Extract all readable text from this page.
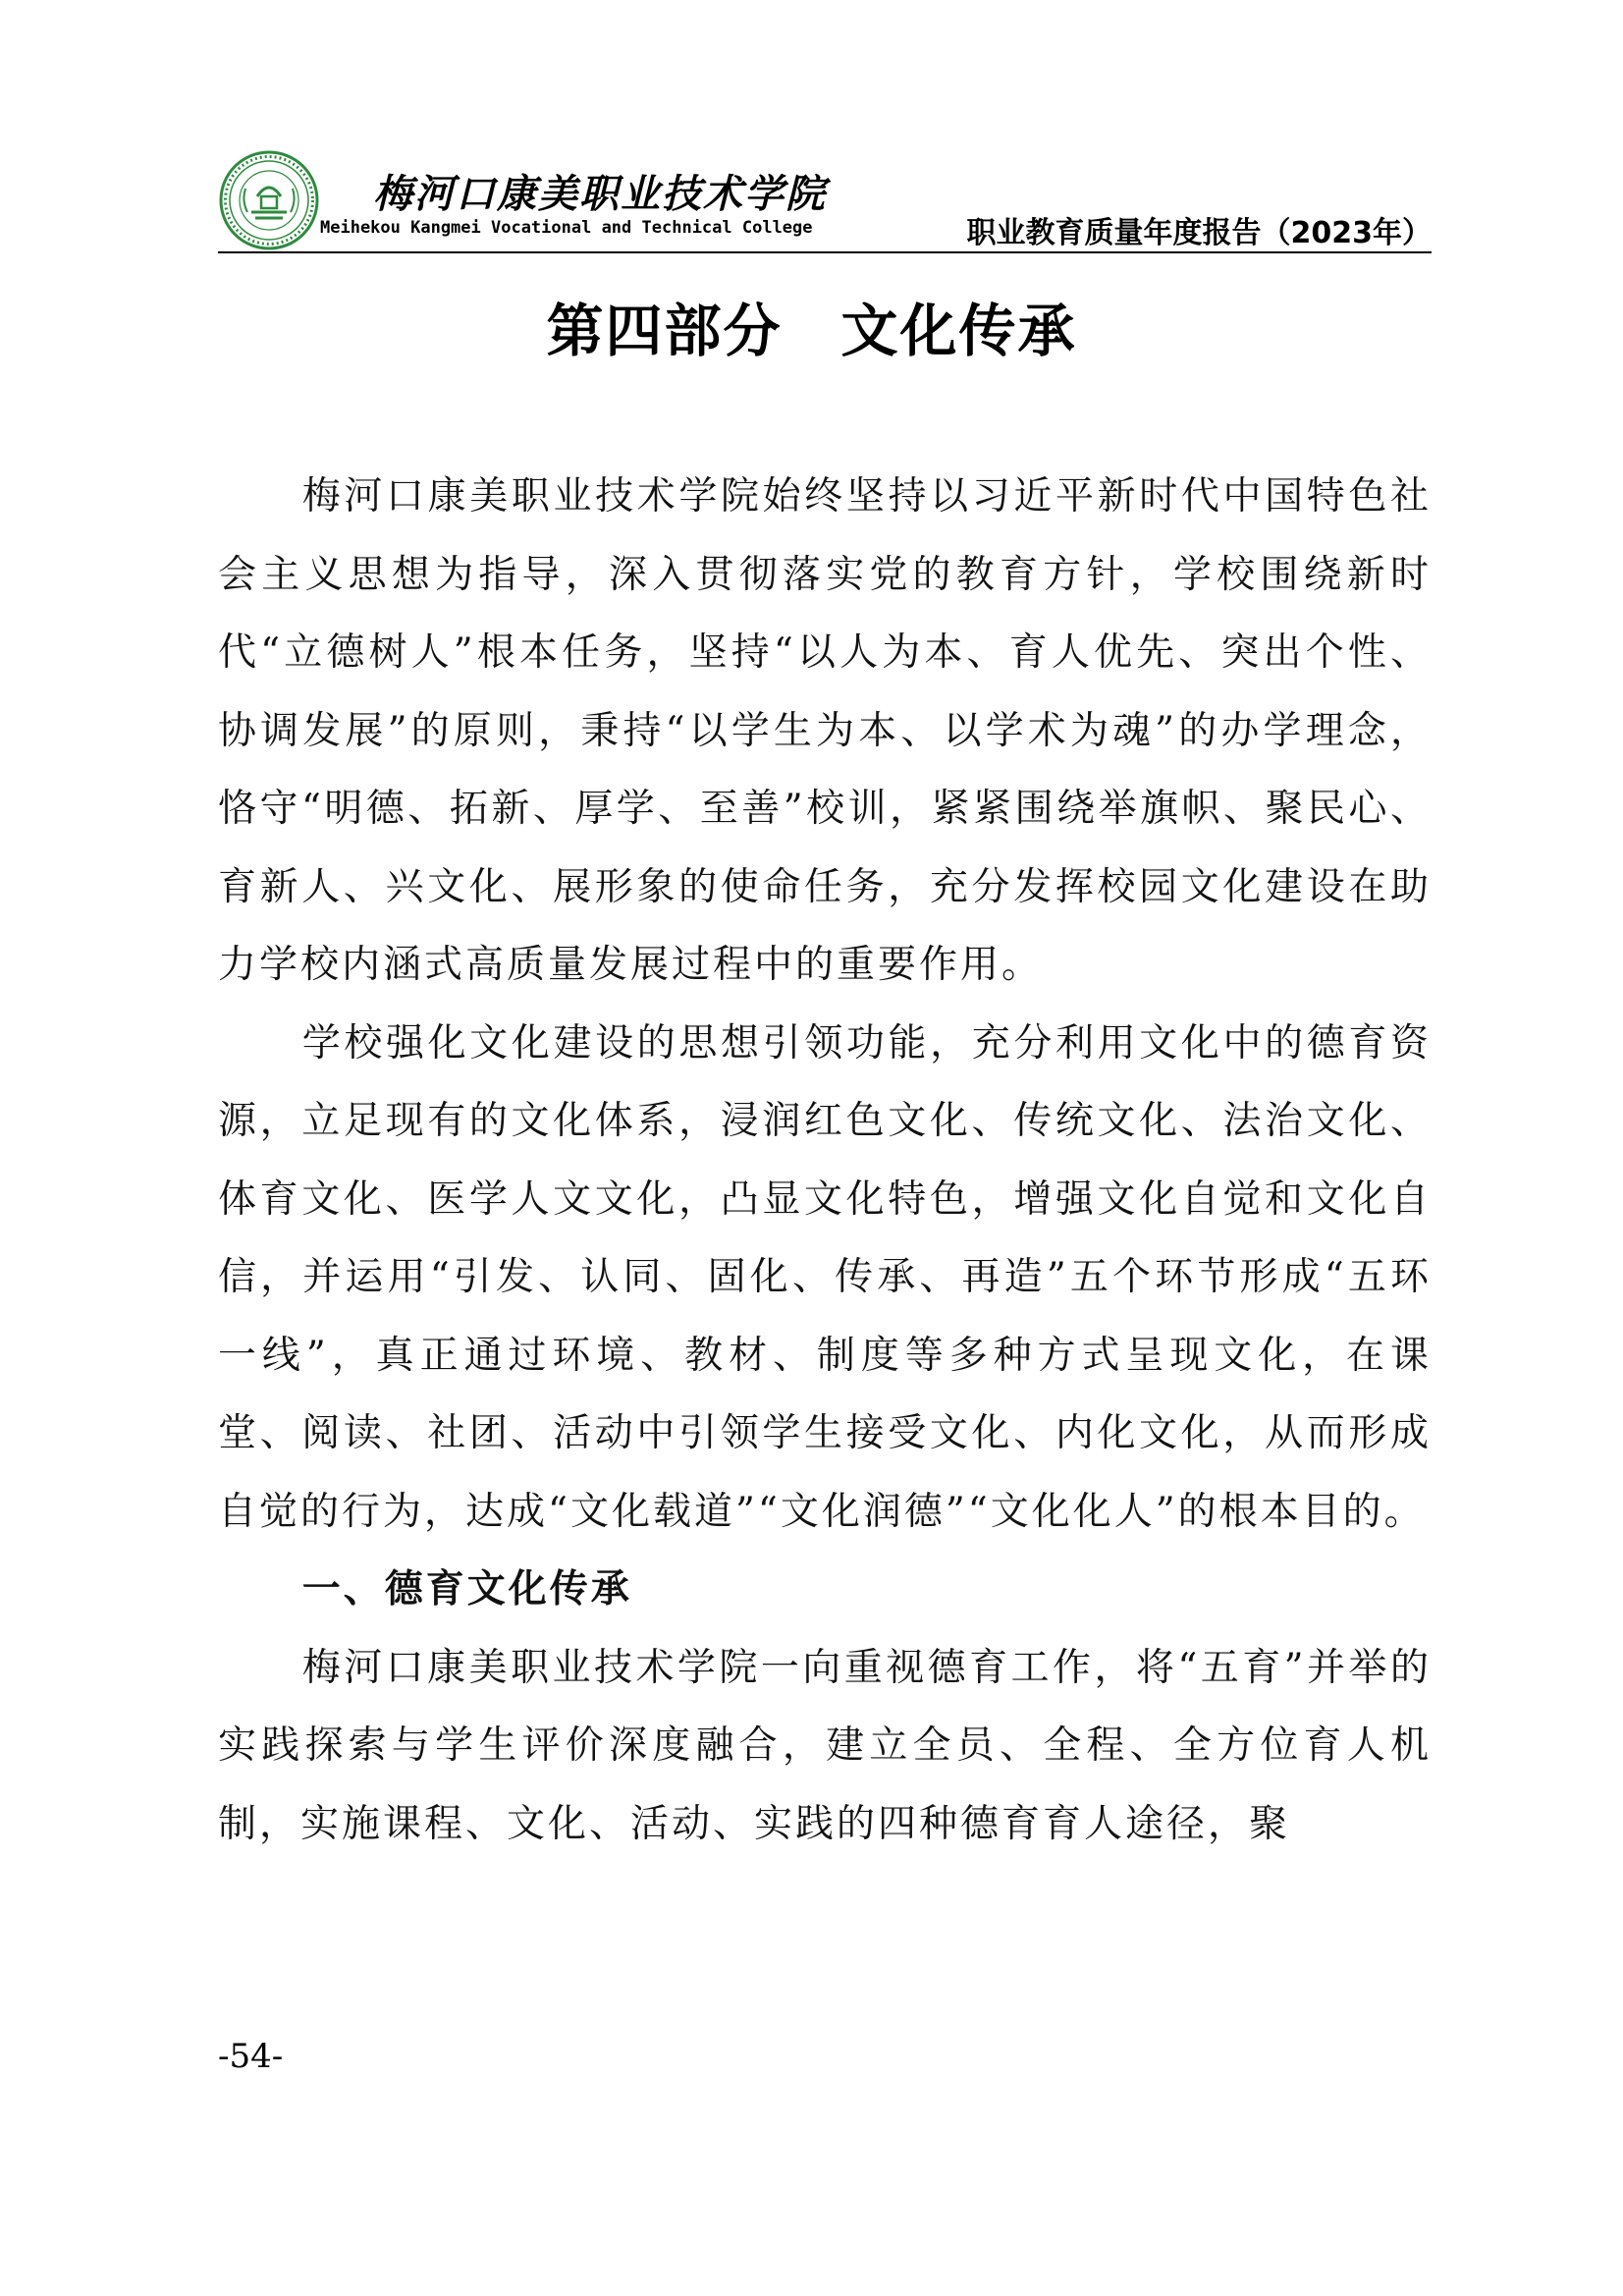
梅河口康美职业技术学院
Meihekou Kangmei Vocational and Technical College	职业教育质量年度报告（2023年）
第四部分　文化传承

梅河口康美职业技术学院始终坚持以习近平新时代中国特色社会主义思想为指导，深入贯彻落实党的教育方针，学校围绕新时代“立德树人”根本任务，坚持“以人为本、育人优先、突出个性、协调发展”的原则，秉持“以学生为本、以学术为魂”的办学理念，恪守“明德、拓新、厚学、至善”校训，紧紧围绕举旗帜、聚民心、育新人、兴文化、展形象的使命任务，充分发挥校园文化建设在助力学校内涵式高质量发展过程中的重要作用。

学校强化文化建设的思想引领功能，充分利用文化中的德育资源，立足现有的文化体系，浸润红色文化、传统文化、法治文化、体育文化、医学人文文化，凸显文化特色，增强文化自觉和文化自信，并运用“引发、认同、固化、传承、再造”五个环节形成“五环一线”，真正通过环境、教材、制度等多种方式呈现文化，在课堂、阅读、社团、活动中引领学生接受文化、内化文化，从而形成自觉的行为，达成“文化载道”“文化润德”“文化化人”的根本目的。

一、德育文化传承

梅河口康美职业技术学院一向重视德育工作，将“五育”并举的实践探索与学生评价深度融合，建立全员、全程、全方位育人机制，实施课程、文化、活动、实践的四种德育育人途径，聚

-54-
